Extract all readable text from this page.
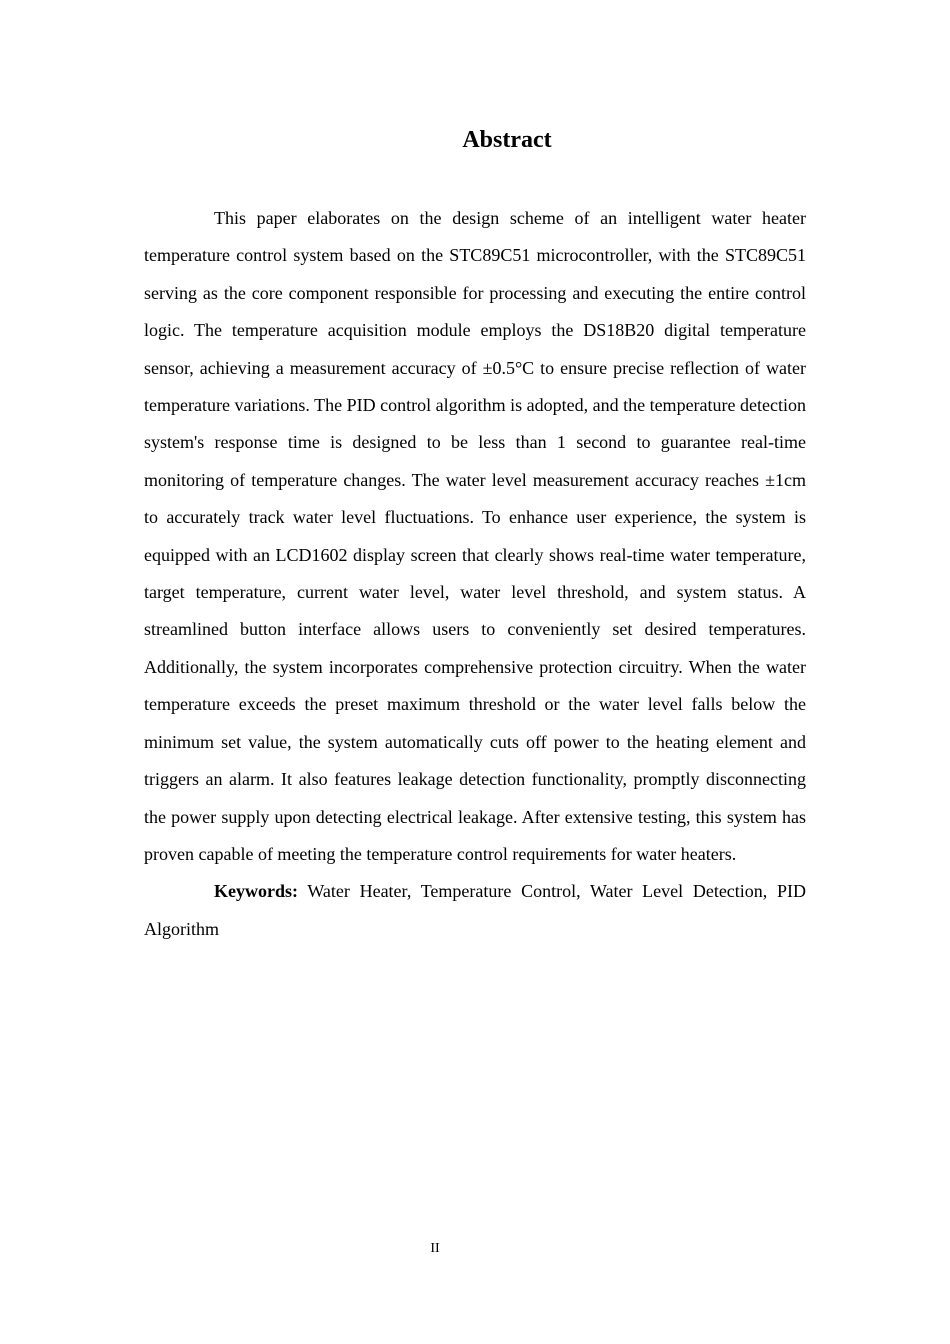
Abstract

This paper elaborates on the design scheme of an intelligent water heater temperature control system based on the STC89C51 microcontroller, with the STC89C51 serving as the core component responsible for processing and executing the entire control logic. The temperature acquisition module employs the DS18B20 digital temperature sensor, achieving a measurement accuracy of ±0.5°C to ensure precise reflection of water temperature variations. The PID control algorithm is adopted, and the temperature detection system's response time is designed to be less than 1 second to guarantee real-time monitoring of temperature changes. The water level measurement accuracy reaches ±1cm to accurately track water level fluctuations. To enhance user experience, the system is equipped with an LCD1602 display screen that clearly shows real-time water temperature, target temperature, current water level, water level threshold, and system status. A streamlined button interface allows users to conveniently set desired temperatures. Additionally, the system incorporates comprehensive protection circuitry. When the water temperature exceeds the preset maximum threshold or the water level falls below the minimum set value, the system automatically cuts off power to the heating element and triggers an alarm. It also features leakage detection functionality, promptly disconnecting the power supply upon detecting electrical leakage. After extensive testing, this system has proven capable of meeting the temperature control requirements for water heaters.

Keywords: Water Heater, Temperature Control, Water Level Detection, PID Algorithm

II
